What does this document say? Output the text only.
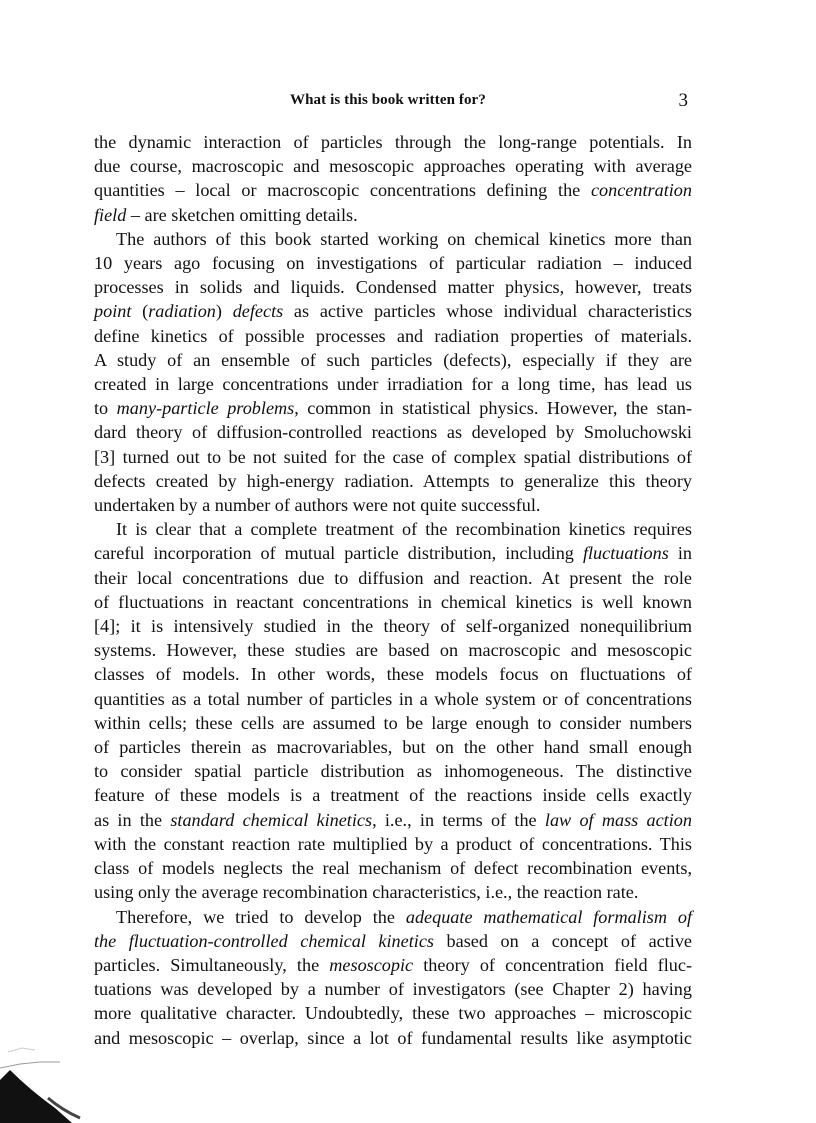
What is this book written for?	3
the dynamic interaction of particles through the long-range potentials. In
due course, macroscopic and mesoscopic approaches operating with average
quantities – local or macroscopic concentrations defining the concentration
field – are sketchen omitting details.
The authors of this book started working on chemical kinetics more than
10 years ago focusing on investigations of particular radiation – induced
processes in solids and liquids. Condensed matter physics, however, treats
point (radiation) defects as active particles whose individual characteristics
define kinetics of possible processes and radiation properties of materials.
A study of an ensemble of such particles (defects), especially if they are
created in large concentrations under irradiation for a long time, has lead us
to many-particle problems, common in statistical physics. However, the stan-
dard theory of diffusion-controlled reactions as developed by Smoluchowski
[3] turned out to be not suited for the case of complex spatial distributions of
defects created by high-energy radiation. Attempts to generalize this theory
undertaken by a number of authors were not quite successful.
It is clear that a complete treatment of the recombination kinetics requires
careful incorporation of mutual particle distribution, including fluctuations in
their local concentrations due to diffusion and reaction. At present the role
of fluctuations in reactant concentrations in chemical kinetics is well known
[4]; it is intensively studied in the theory of self-organized nonequilibrium
systems. However, these studies are based on macroscopic and mesoscopic
classes of models. In other words, these models focus on fluctuations of
quantities as a total number of particles in a whole system or of concentrations
within cells; these cells are assumed to be large enough to consider numbers
of particles therein as macrovariables, but on the other hand small enough
to consider spatial particle distribution as inhomogeneous. The distinctive
feature of these models is a treatment of the reactions inside cells exactly
as in the standard chemical kinetics, i.e., in terms of the law of mass action
with the constant reaction rate multiplied by a product of concentrations. This
class of models neglects the real mechanism of defect recombination events,
using only the average recombination characteristics, i.e., the reaction rate.
Therefore, we tried to develop the adequate mathematical formalism of
the fluctuation-controlled chemical kinetics based on a concept of active
particles. Simultaneously, the mesoscopic theory of concentration field fluc-
tuations was developed by a number of investigators (see Chapter 2) having
more qualitative character. Undoubtedly, these two approaches – microscopic
and mesoscopic – overlap, since a lot of fundamental results like asymptotic
